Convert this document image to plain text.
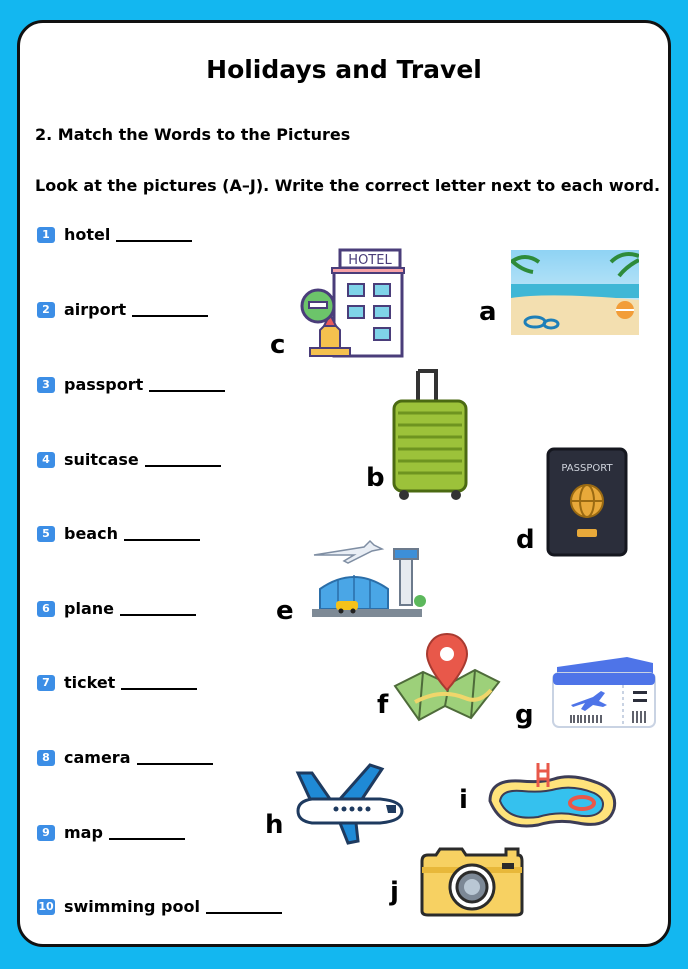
Holidays and Travel
2. Match the Words to the Pictures
Look at the pictures (A–J). Write the correct letter next to each word.
1 hotel
2 airport
3 passport
4 suitcase
5 beach
6 plane
7 ticket
8 camera
9 map
10 swimming pool
a
b
c
d
e
f	g
h
i
j
HOTEL
PASSPORT
